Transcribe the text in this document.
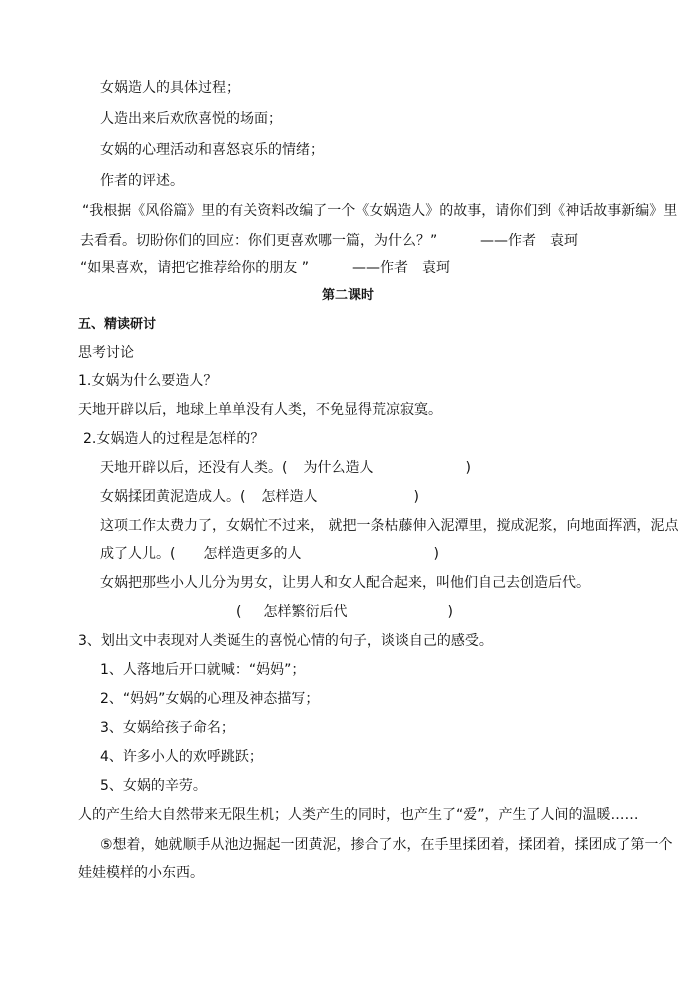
女娲造人的具体过程；
人造出来后欢欣喜悦的场面；
女娲的心理活动和喜怒哀乐的情绪；
作者的评述。
“我根据《风俗篇》里的有关资料改编了一个《女娲造人》的故事，请你们到《神话故事新编》里
去看看。切盼你们的回应：你们更喜欢哪一篇，为什么？”	——作者　袁珂
“如果喜欢，请把它推荐给你的朋友 ”	——作者　袁珂
第二课时
五、精读研讨
思考讨论
1.女娲为什么要造人？
天地开辟以后，地球上单单没有人类，不免显得荒凉寂寞。
2.女娲造人的过程是怎样的？
天地开辟以后，还没有人类。( 为什么造人	)
女娲揉团黄泥造成人。( 怎样造人	)
这项工作太费力了，女娲忙不过来， 就把一条枯藤伸入泥潭里，搅成泥浆，向地面挥洒，泥点
成了人儿。( 怎样造更多的人	)
女娲把那些小人儿分为男女，让男人和女人配合起来，叫他们自己去创造后代。
( 怎样繁衍后代	)
3、划出文中表现对人类诞生的喜悦心情的句子，谈谈自己的感受。
1、人落地后开口就喊：“妈妈”；
2、“妈妈”女娲的心理及神态描写；
3、女娲给孩子命名；
4、许多小人的欢呼跳跃；
5、女娲的辛劳。
人的产生给大自然带来无限生机；人类产生的同时，也产生了“爱”，产生了人间的温暖……
⑤想着，她就顺手从池边掘起一团黄泥，掺合了水，在手里揉团着，揉团着，揉团成了第一个
娃娃模样的小东西。
